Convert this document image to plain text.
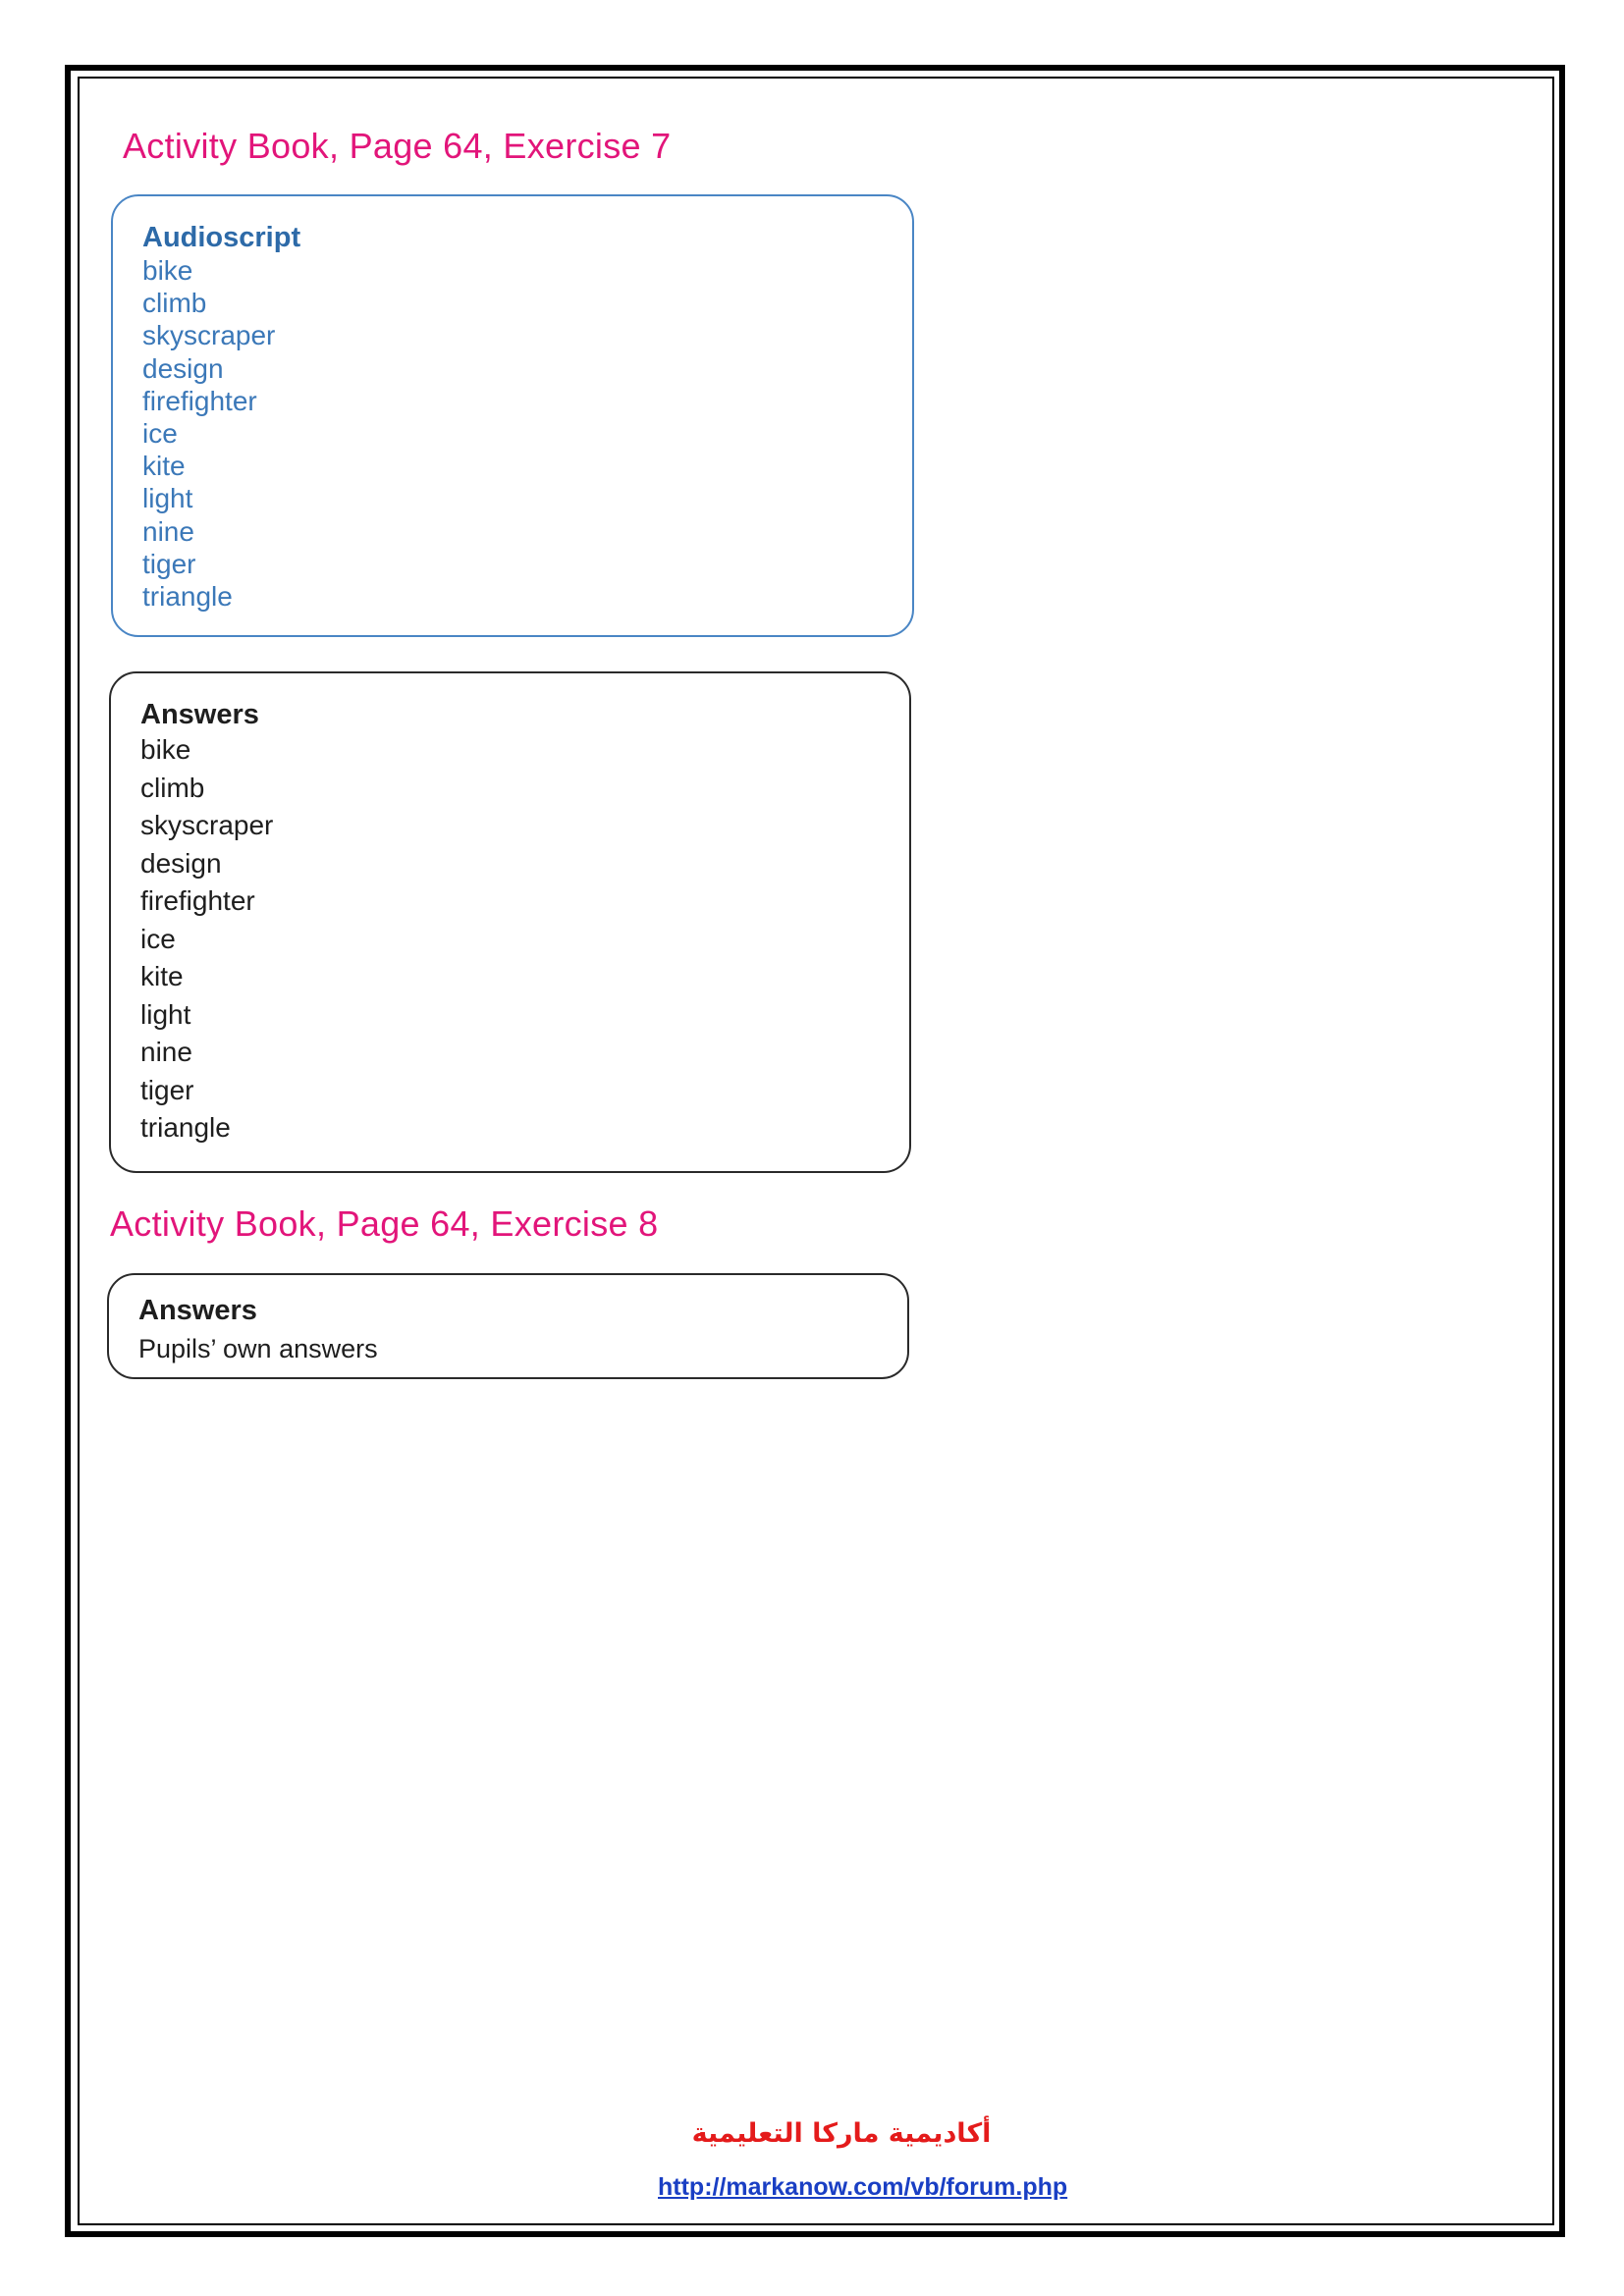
Activity Book, Page 64, Exercise 7
Audioscript
bike
climb
skyscraper
design
firefighter
ice
kite
light
nine
tiger
triangle
Answers
bike
climb
skyscraper
design
firefighter
ice
kite
light
nine
tiger
triangle
Activity Book, Page 64, Exercise 8
Answers
Pupils’ own answers
أكاديمية ماركا التعليمية
http://markanow.com/vb/forum.php
